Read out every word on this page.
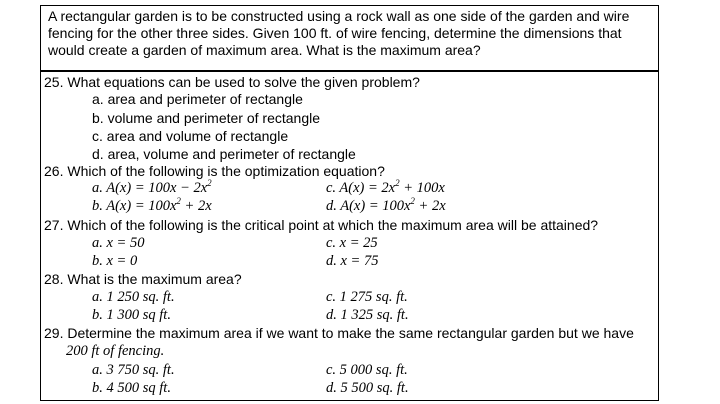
A rectangular garden is to be constructed using a rock wall as one side of the garden and wire
fencing for the other three sides. Given 100 ft. of wire fencing, determine the dimensions that
would create a garden of maximum area. What is the maximum area?
25. What equations can be used to solve the given problem?
a. area and perimeter of rectangle
b. volume and perimeter of rectangle
c. area and volume of rectangle
d. area, volume and perimeter of rectangle
26. Which of the following is the optimization equation?
a. $A(x) = 100x - 2x^2$
b. $A(x) = 100x^2 + 2x$
c. $A(x) = 2x^2 + 100x$
d. $A(x) = 100x^2 + 2x$
27. Which of the following is the critical point at which the maximum area will be attained?
a. x = 50
b. x = 0
c. x = 25
d. x = 75
28. What is the maximum area?
a. 1 250 sq. ft.
b. 1 300 sq ft.
c. 1 275 sq. ft.
d. 1 325 sq. ft.
29. Determine the maximum area if we want to make the same rectangular garden but we have
200 ft of fencing.
a. 3 750 sq. ft.
b. 4 500 sq ft.
c. 5 000 sq. ft.
d. 5 500 sq. ft.
